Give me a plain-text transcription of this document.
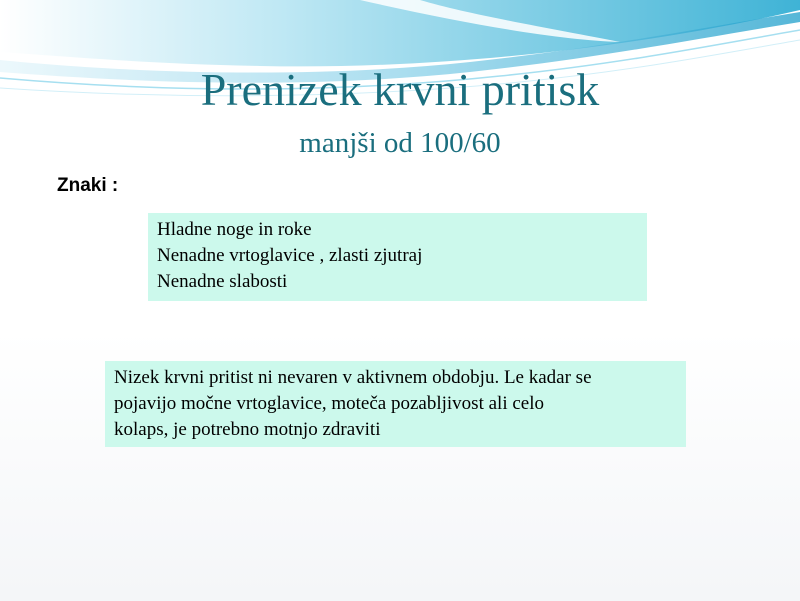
Prenizek krvni pritisk
manjši od 100/60
Znaki :

Hladne noge in roke

Nenadne vrtoglavice , zlasti zjutraj

Nenadne slabosti

Nizek krvni pritist ni nevaren v aktivnem obdobju. Le kadar se

pojavijo močne vrtoglavice, moteča pozabljivost ali celo

kolaps, je potrebno motnjo zdraviti
